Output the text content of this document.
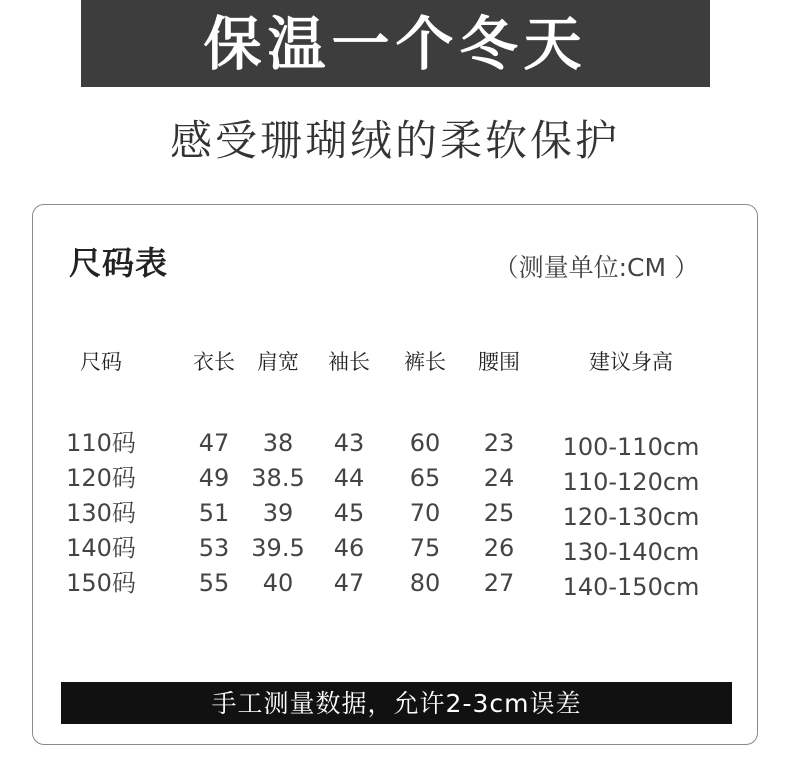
保温一个冬天
感受珊瑚绒的柔软保护
尺码表	（测量单位:CM ）
尺码	衣长 肩宽 袖长 裤长 腰围	建议身高
110码	47 38 43 60 23 100-110cm
120码	49 38.5 44 65 24 110-120cm
130码	51 39 45 70 25 120-130cm
140码	53 39.5 46 75 26 130-140cm
150码	55 40 47 80 27 140-150cm
手工测量数据，允许2-3cm误差
